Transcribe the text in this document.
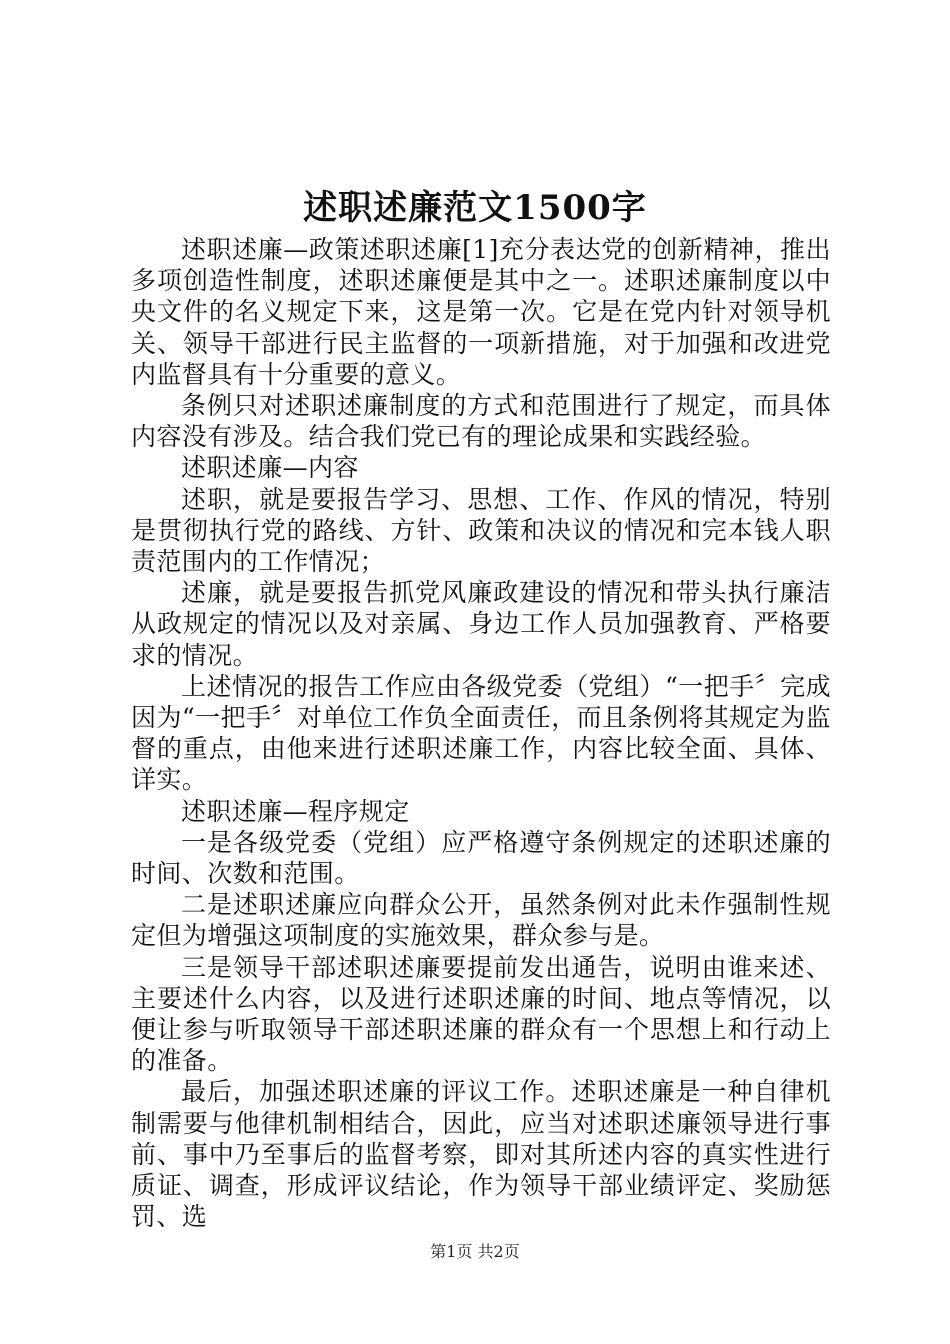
述职述廉范文1500字

述职述廉—政策述职述廉[1]充分表达党的创新精神，推出多项创造性制度，述职述廉便是其中之一。述职述廉制度以中央文件的名义规定下来，这是第一次。它是在党内针对领导机关、领导干部进行民主监督的一项新措施，对于加强和改进党内监督具有十分重要的意义。

条例只对述职述廉制度的方式和范围进行了规定，而具体内容没有涉及。结合我们党已有的理论成果和实践经验。

述职述廉—内容

述职，就是要报告学习、思想、工作、作风的情况，特别是贯彻执行党的路线、方针、政策和决议的情况和完本钱人职责范围内的工作情况；

述廉，就是要报告抓党风廉政建设的情况和带头执行廉洁从政规定的情况以及对亲属、身边工作人员加强教育、严格要求的情况。

上述情况的报告工作应由各级党委（党组）“一把手〞完成因为“一把手〞对单位工作负全面责任，而且条例将其规定为监督的重点，由他来进行述职述廉工作，内容比较全面、具体、详实。

述职述廉—程序规定

一是各级党委（党组）应严格遵守条例规定的述职述廉的时间、次数和范围。

二是述职述廉应向群众公开，虽然条例对此未作强制性规定但为增强这项制度的实施效果，群众参与是。

三是领导干部述职述廉要提前发出通告，说明由谁来述、主要述什么内容，以及进行述职述廉的时间、地点等情况，以便让参与听取领导干部述职述廉的群众有一个思想上和行动上的准备。

最后，加强述职述廉的评议工作。述职述廉是一种自律机制需要与他律机制相结合，因此，应当对述职述廉领导进行事前、事中乃至事后的监督考察，即对其所述内容的真实性进行质证、调查，形成评议结论，作为领导干部业绩评定、奖励惩罚、选

第1页 共2页
